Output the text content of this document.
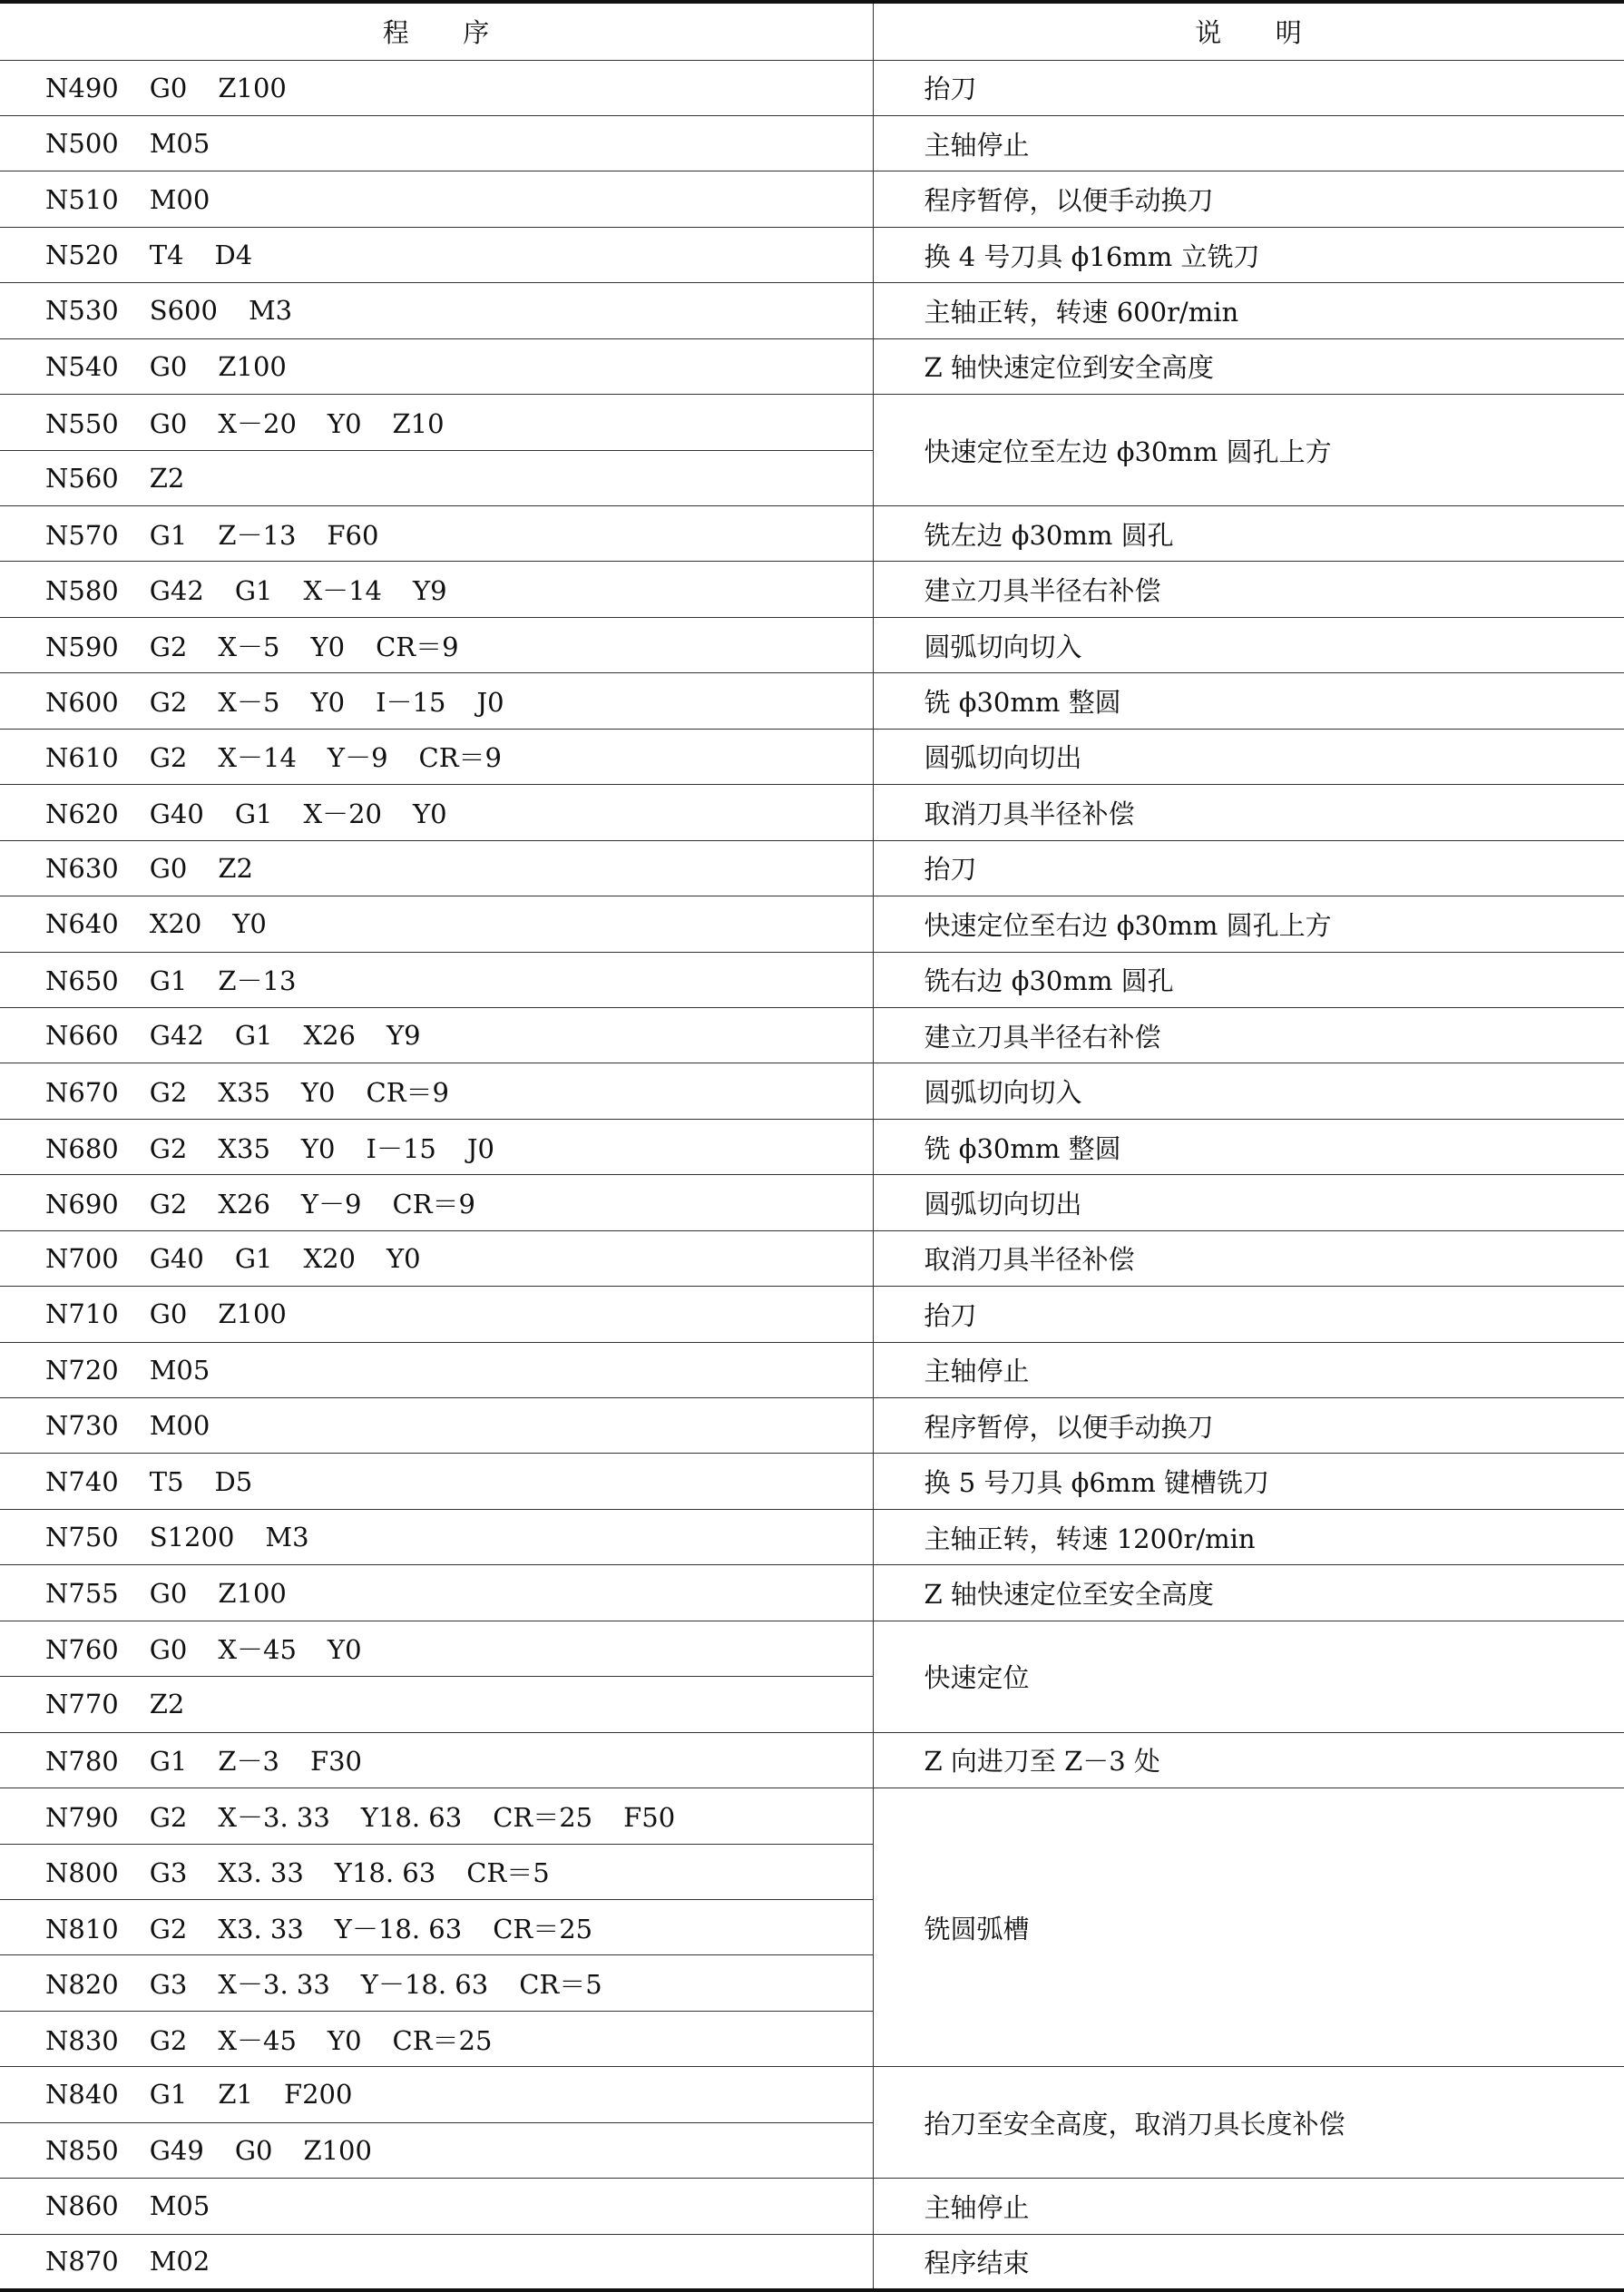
程　　序	说　　明
N490 G0 Z100	抬刀
N500 M05	主轴停止
N510 M00	程序暂停，以便手动换刀
N520 T4 D4	换 4 号刀具 ϕ16mm 立铣刀
N530 S600 M3	主轴正转，转速 600r/min
N540 G0 Z100	Z 轴快速定位到安全高度
N550 G0 X－20 Y0 Z10	快速定位至左边 ϕ30mm 圆孔上方
N560 Z2	
N570 G1 Z－13 F60	铣左边 ϕ30mm 圆孔
N580 G42 G1 X－14 Y9	建立刀具半径右补偿
N590 G2 X－5 Y0 CR＝9	圆弧切向切入
N600 G2 X－5 Y0 I－15 J0	铣 ϕ30mm 整圆
N610 G2 X－14 Y－9 CR＝9	圆弧切向切出
N620 G40 G1 X－20 Y0	取消刀具半径补偿
N630 G0 Z2	抬刀
N640 X20 Y0	快速定位至右边 ϕ30mm 圆孔上方
N650 G1 Z－13	铣右边 ϕ30mm 圆孔
N660 G42 G1 X26 Y9	建立刀具半径右补偿
N670 G2 X35 Y0 CR＝9	圆弧切向切入
N680 G2 X35 Y0 I－15 J0	铣 ϕ30mm 整圆
N690 G2 X26 Y－9 CR＝9	圆弧切向切出
N700 G40 G1 X20 Y0	取消刀具半径补偿
N710 G0 Z100	抬刀
N720 M05	主轴停止
N730 M00	程序暂停，以便手动换刀
N740 T5 D5	换 5 号刀具 ϕ6mm 键槽铣刀
N750 S1200 M3	主轴正转，转速 1200r/min
N755 G0 Z100	Z 轴快速定位至安全高度
N760 G0 X－45 Y0	快速定位
N770 Z2	
N780 G1 Z－3 F30	Z 向进刀至 Z－3 处
N790 G2 X－3. 33 Y18. 63 CR＝25 F50	铣圆弧槽
N800 G3 X3. 33 Y18. 63 CR＝5	
N810 G2 X3. 33 Y－18. 63 CR＝25	
N820 G3 X－3. 33 Y－18. 63 CR＝5	
N830 G2 X－45 Y0 CR＝25	
N840 G1 Z1 F200	抬刀至安全高度，取消刀具长度补偿
N850 G49 G0 Z100	
N860 M05	主轴停止
N870 M02	程序结束
